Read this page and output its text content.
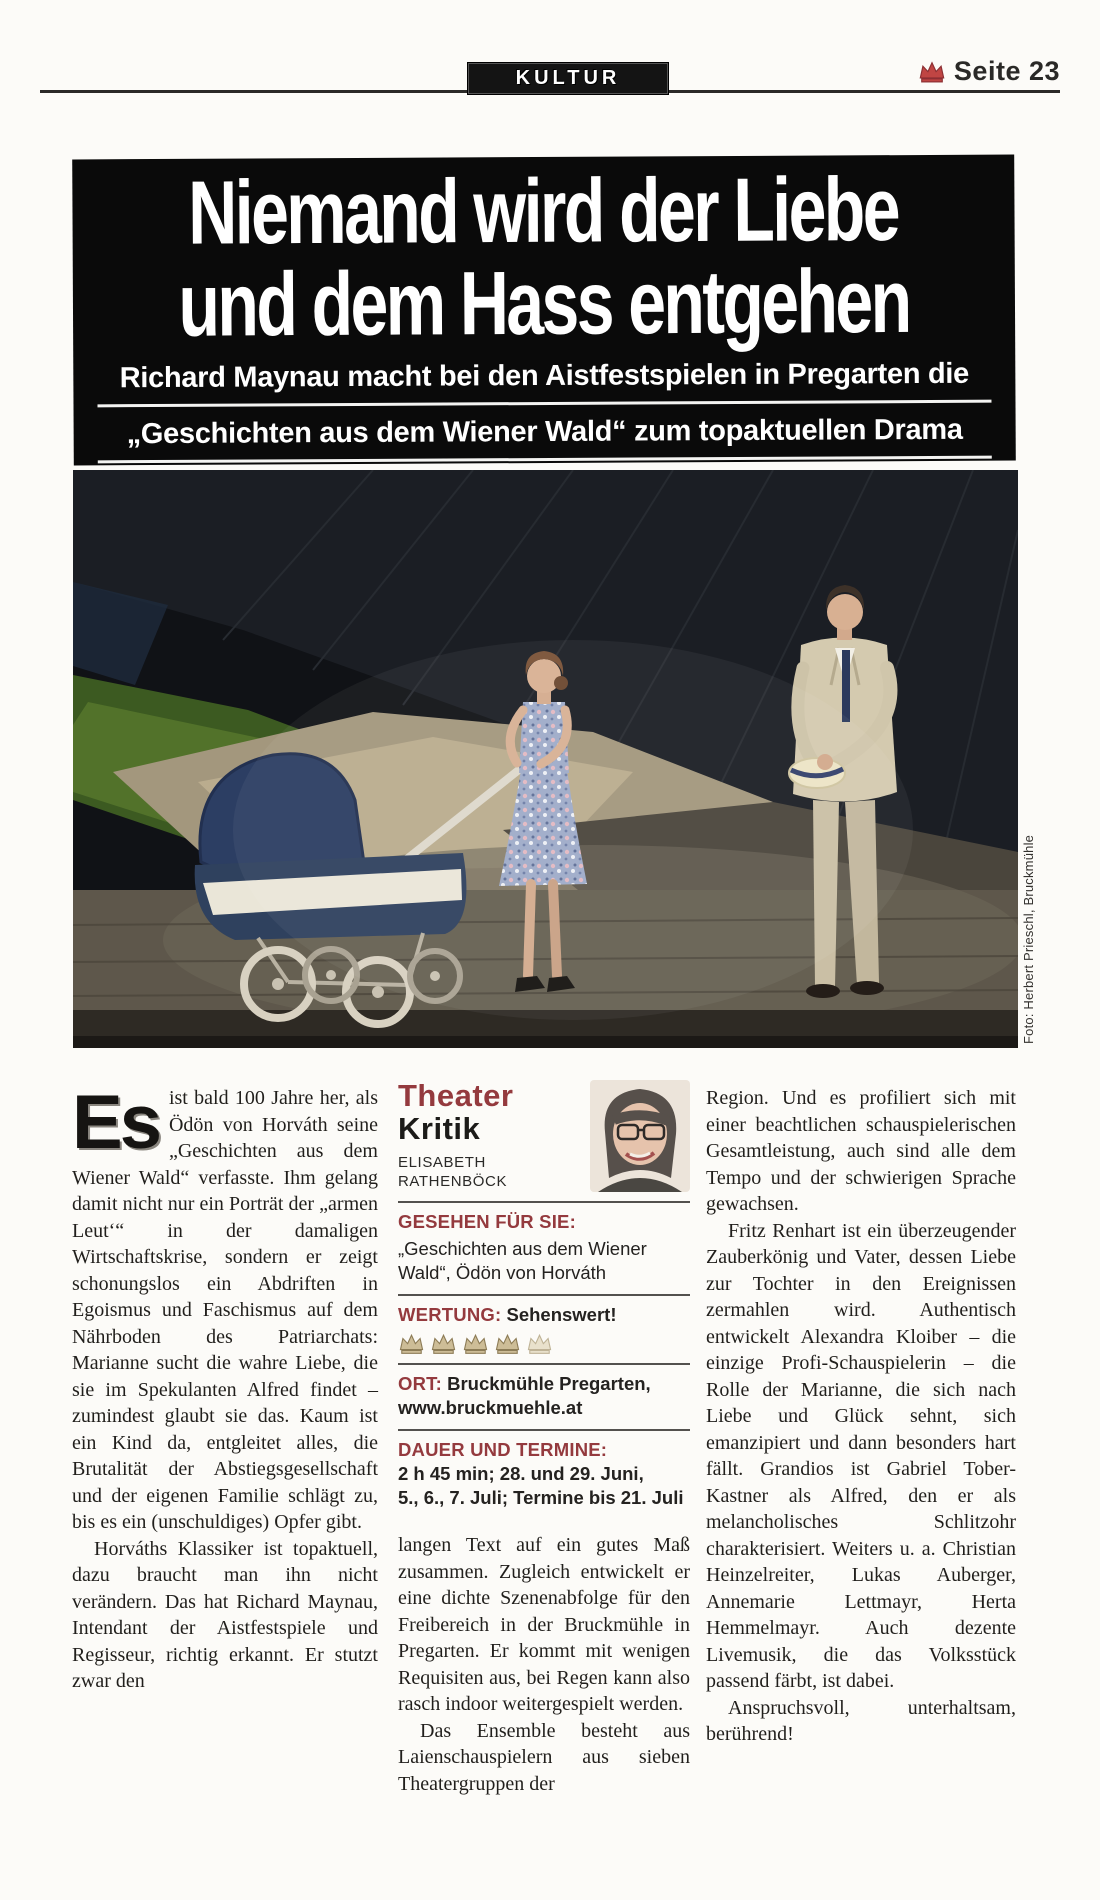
KULTUR	Seite 23
Niemand wird der Liebe
und dem Hass entgehen
Richard Maynau macht bei den Aistfestspielen in Pregarten die
„Geschichten aus dem Wiener Wald“ zum topaktuellen Drama
Foto: Herbert Prieschl, Bruckmühle

Es ist bald 100 Jahre her, als Ödön von Horváth seine „Geschichten aus dem Wiener Wald“ verfasste. Ihm gelang damit nicht nur ein Porträt der „armen Leut‘“ in der damaligen Wirtschaftskrise, sondern er zeigt schonungslos ein Abdriften in Egoismus und Faschismus auf dem Nährboden des Patriarchats: Marianne sucht die wahre Liebe, die sie im Spekulanten Alfred findet – zumindest glaubt sie das. Kaum ist ein Kind da, entgleitet alles, die Brutalität der Abstiegsgesellschaft und der eigenen Familie schlägt zu, bis es ein (unschuldiges) Opfer gibt.

Horváths Klassiker ist topaktuell, dazu braucht man ihn nicht verändern. Das hat Richard Maynau, Intendant der Aistfestspiele und Regisseur, richtig erkannt. Er stutzt zwar den

Theater
Kritik
ELISABETH
RATHENBÖCK
GESEHEN FÜR SIE:
„Geschichten aus dem Wiener Wald“, Ödön von Horváth
WERTUNG: Sehenswert!
ORT: Bruckmühle Pregarten,
www.bruckmuehle.at
DAUER UND TERMINE:
2 h 45 min; 28. und 29. Juni,
5., 6., 7. Juli; Termine bis 21. Juli

langen Text auf ein gutes Maß zusammen. Zugleich entwickelt er eine dichte Szenenabfolge für den Freibereich in der Bruckmühle in Pregarten. Er kommt mit wenigen Requisiten aus, bei Regen kann also rasch indoor weitergespielt werden.

Das Ensemble besteht aus Laienschauspielern aus sieben Theatergruppen der

Region. Und es profiliert sich mit einer beachtlichen schauspielerischen Gesamtleistung, auch sind alle dem Tempo und der schwierigen Sprache gewachsen.

Fritz Renhart ist ein überzeugender Zauberkönig und Vater, dessen Liebe zur Tochter in den Ereignissen zermahlen wird. Authentisch entwickelt Alexandra Kloiber – die einzige Profi-Schauspielerin – die Rolle der Marianne, die sich nach Liebe und Glück sehnt, sich emanzipiert und dann besonders hart fällt. Grandios ist Gabriel Tober-Kastner als Alfred, den er als melancholisches Schlitzohr charakterisiert. Weiters u. a. Christian Heinzelreiter, Lukas Auberger, Annemarie Lettmayr, Herta Hemmelmayr. Auch dezente Livemusik, die das Volksstück passend färbt, ist dabei.

Anspruchsvoll, unterhaltsam, berührend!
